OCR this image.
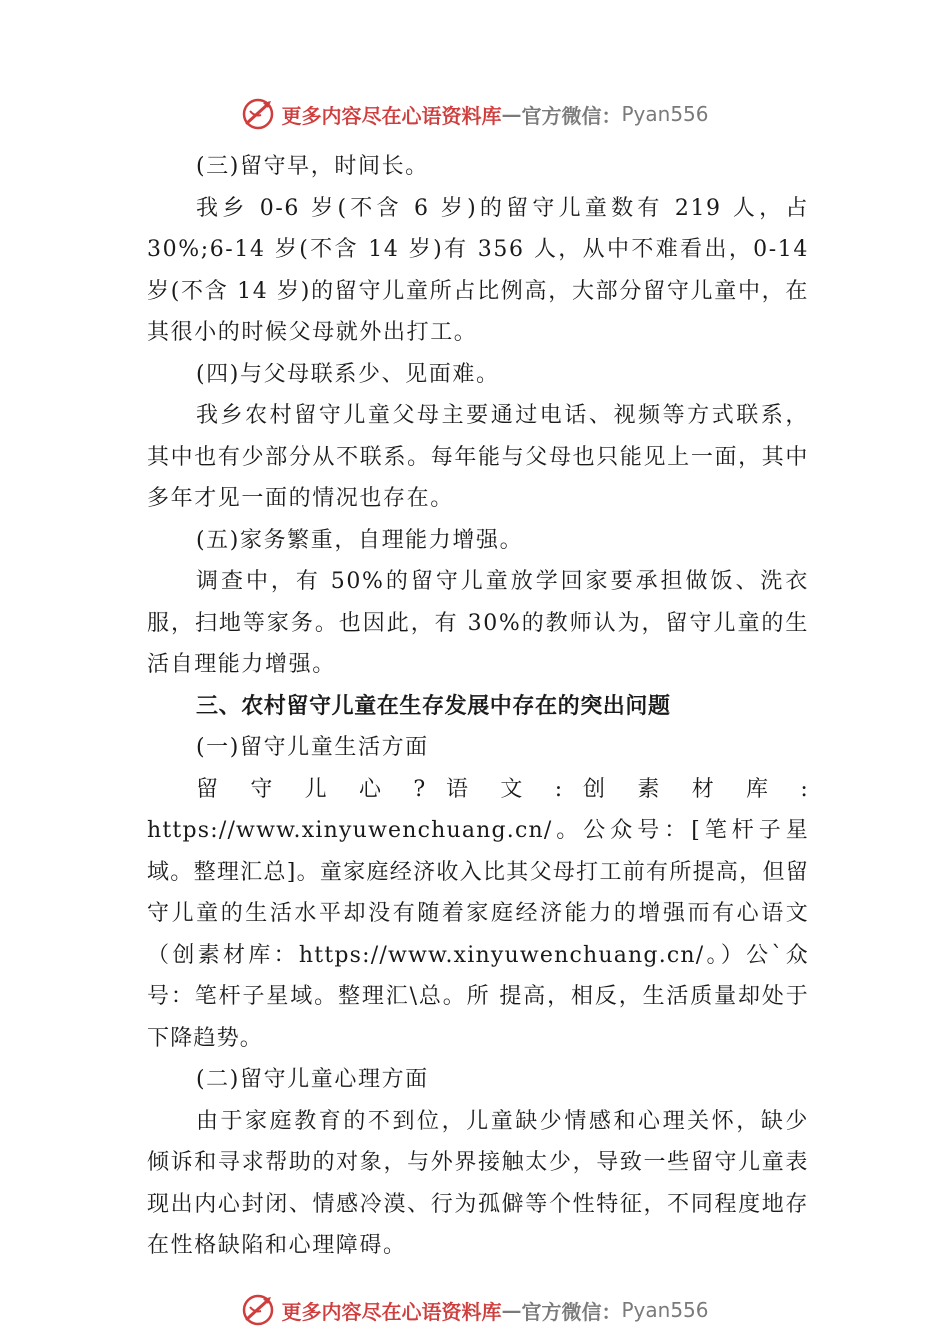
更多内容尽在心语资料库 — 官方微信： Pyan556

(三)留守早，时间长。

我乡 0-6 岁(不含 6 岁)的留守儿童数有 219 人，占 30%;6-14 岁(不含 14 岁)有 356 人，从中不难看出，0-14 岁(不含 14 岁)的留守儿童所占比例高，大部分留守儿童中，在其很小的时候父母就外出打工。

(四)与父母联系少、见面难。

我乡农村留守儿童父母主要通过电话、视频等方式联系，其中也有少部分从不联系。每年能与父母也只能见上一面，其中多年才见一面的情况也存在。

(五)家务繁重，自理能力增强。

调查中，有 50%的留守儿童放学回家要承担做饭、洗衣服，扫地等家务。也因此，有 30%的教师认为，留守儿童的生活自理能力增强。

三、农村留守儿童在生存发展中存在的突出问题

(一)留守儿童生活方面

留 守 儿 心 ? 语 文 : 创 素 材 库 : https://www.xinyuwenchuang.cn/。公众号：[笔杆子星域。整理汇总]。童家庭经济收入比其父母打工前有所提高，但留守儿童的生活水平却没有随着家庭经济能力的增强而有心语文（创素材库：https://www.xinyuwenchuang.cn/。）公`众号：笔杆子星域。整理汇\总。所 提高，相反，生活质量却处于下降趋势。

(二)留守儿童心理方面

由于家庭教育的不到位，儿童缺少情感和心理关怀，缺少倾诉和寻求帮助的对象，与外界接触太少，导致一些留守儿童表现出内心封闭、情感冷漠、行为孤僻等个性特征，不同程度地存在性格缺陷和心理障碍。

更多内容尽在心语资料库 — 官方微信： Pyan556
